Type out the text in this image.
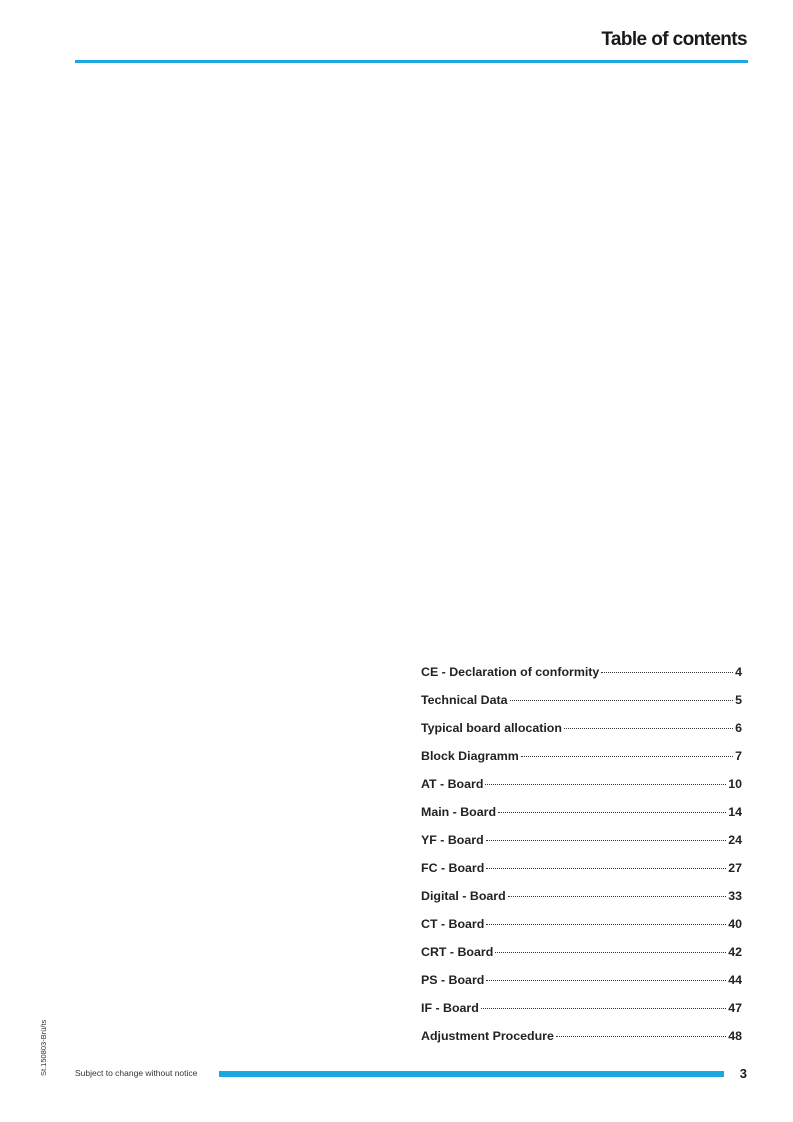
Table of contents
CE - Declaration of conformity	4
Technical Data	5
Typical board allocation	6
Block Diagramm	7
AT - Board	10
Main - Board	14
YF - Board	24
FC - Board	27
Digital - Board	33
CT - Board	40
CRT - Board	42
PS - Board	44
IF - Board	47
Adjustment Procedure	48
St.150803-Brü/ts	Subject to change without notice	3
